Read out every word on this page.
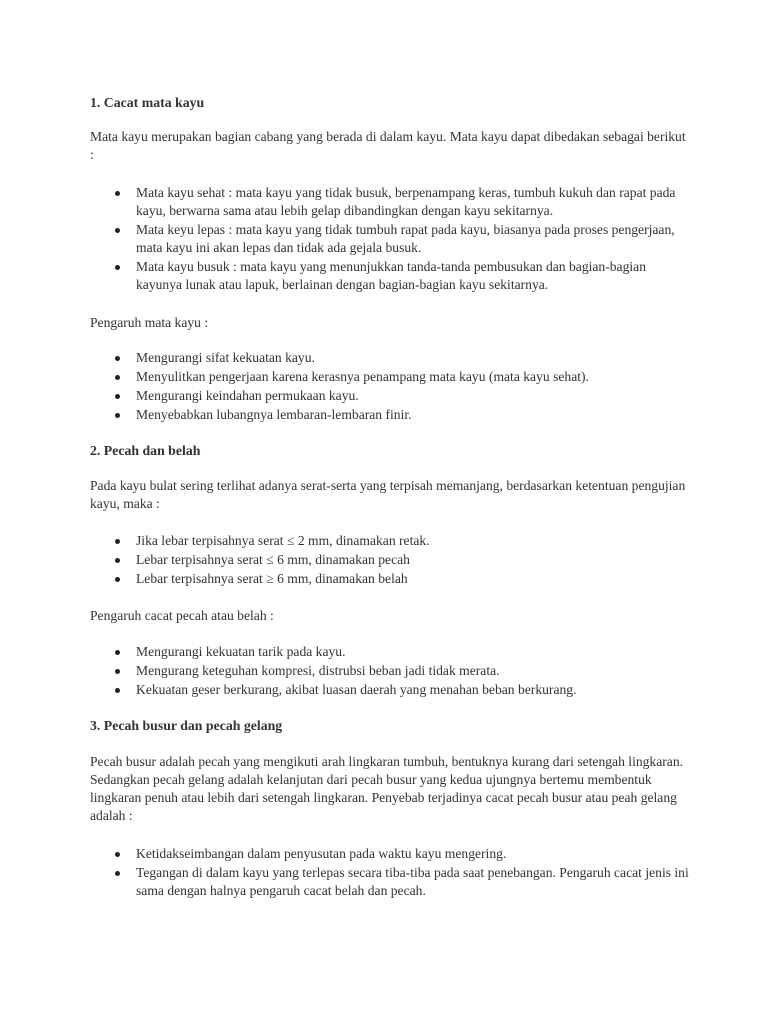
1. Cacat mata kayu

Mata kayu merupakan bagian cabang yang berada di dalam kayu. Mata kayu dapat dibedakan sebagai berikut :

Mata kayu sehat : mata kayu yang tidak busuk, berpenampang keras, tumbuh kukuh dan rapat pada kayu, berwarna sama atau lebih gelap dibandingkan dengan kayu sekitarnya.
Mata keyu lepas : mata kayu yang tidak tumbuh rapat pada kayu, biasanya pada proses pengerjaan, mata kayu ini akan lepas dan tidak ada gejala busuk.
Mata kayu busuk : mata kayu yang menunjukkan tanda-tanda pembusukan dan bagian-bagian kayunya lunak atau lapuk, berlainan dengan bagian-bagian kayu sekitarnya.

Pengaruh mata kayu :

Mengurangi sifat kekuatan kayu.
Menyulitkan pengerjaan karena kerasnya penampang mata kayu (mata kayu sehat).
Mengurangi keindahan permukaan kayu.
Menyebabkan lubangnya lembaran-lembaran finir.
2. Pecah dan belah

Pada kayu bulat sering terlihat adanya serat-serta yang terpisah memanjang, berdasarkan ketentuan pengujian kayu, maka :

Jika lebar terpisahnya serat ≤ 2 mm, dinamakan retak.
Lebar terpisahnya serat ≤ 6 mm, dinamakan pecah
Lebar terpisahnya serat ≥ 6 mm, dinamakan belah

Pengaruh cacat pecah atau belah :

Mengurangi kekuatan tarik pada kayu.
Mengurang keteguhan kompresi, distrubsi beban jadi tidak merata.
Kekuatan geser berkurang, akibat luasan daerah yang menahan beban berkurang.
3. Pecah busur dan pecah gelang

Pecah busur adalah pecah yang mengikuti arah lingkaran tumbuh, bentuknya kurang dari setengah lingkaran. Sedangkan pecah gelang adalah kelanjutan dari pecah busur yang kedua ujungnya bertemu membentuk lingkaran penuh atau lebih dari setengah lingkaran. Penyebab terjadinya cacat pecah busur atau peah gelang adalah :

Ketidakseimbangan dalam penyusutan pada waktu kayu mengering.
Tegangan di dalam kayu yang terlepas secara tiba-tiba pada saat penebangan. Pengaruh cacat jenis ini sama dengan halnya pengaruh cacat belah dan pecah.
